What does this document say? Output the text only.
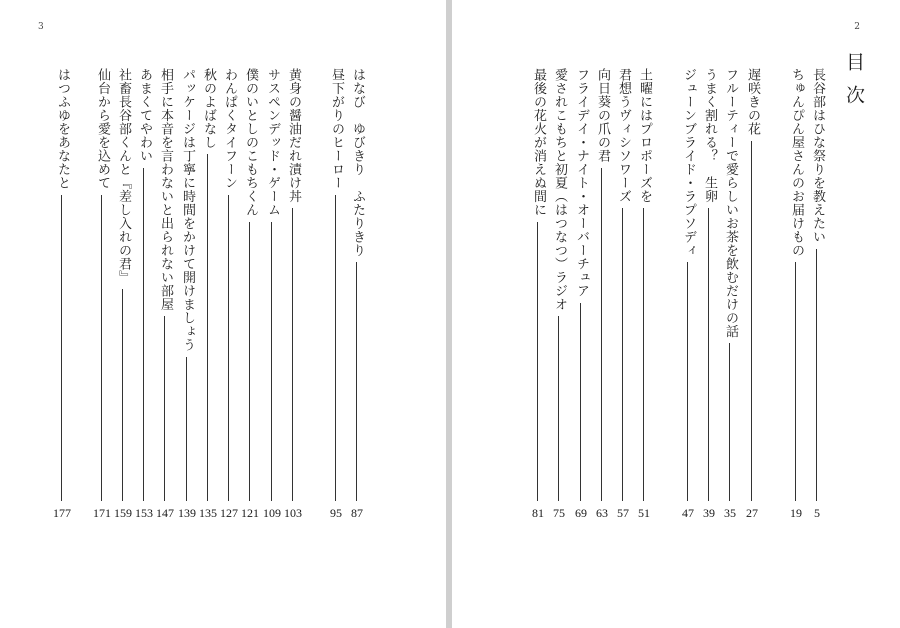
3
はなび　ゆびきり　ふたりきり
87
昼下がりのヒーロー
95
黄身の醤油だれ漬け丼
103
サスペンデッド・ゲーム
109
僕のいとしのこもちくん
121
わんぱくタイフーン
127
秋のよばなし
135
パッケージは丁寧に時間をかけて開けましょう
139
相手に本音を言わないと出られない部屋
147
あまくてやわい
153
社畜長谷部くんと『差し入れの君』
159
仙台から愛を込めて
171
はつふゆをあなたと
177
2
目次
長谷部はひな祭りを教えたい
5
ちゅんぴん屋さんのお届けもの
19
遅咲きの花
27
フルーティーで愛らしいお茶を飲むだけの話
35
うまく割れる？　生卵
39
ジューンブライド・ラプソディ
47
土曜にはプロポーズを
51
君想うヴィシソワーズ
57
向日葵の爪の君
63
フライデイ・ナイト・オーバーチュア
69
愛されこもちと初夏（はつなつ）ラジオ
75
最後の花火が消えぬ間に
81
